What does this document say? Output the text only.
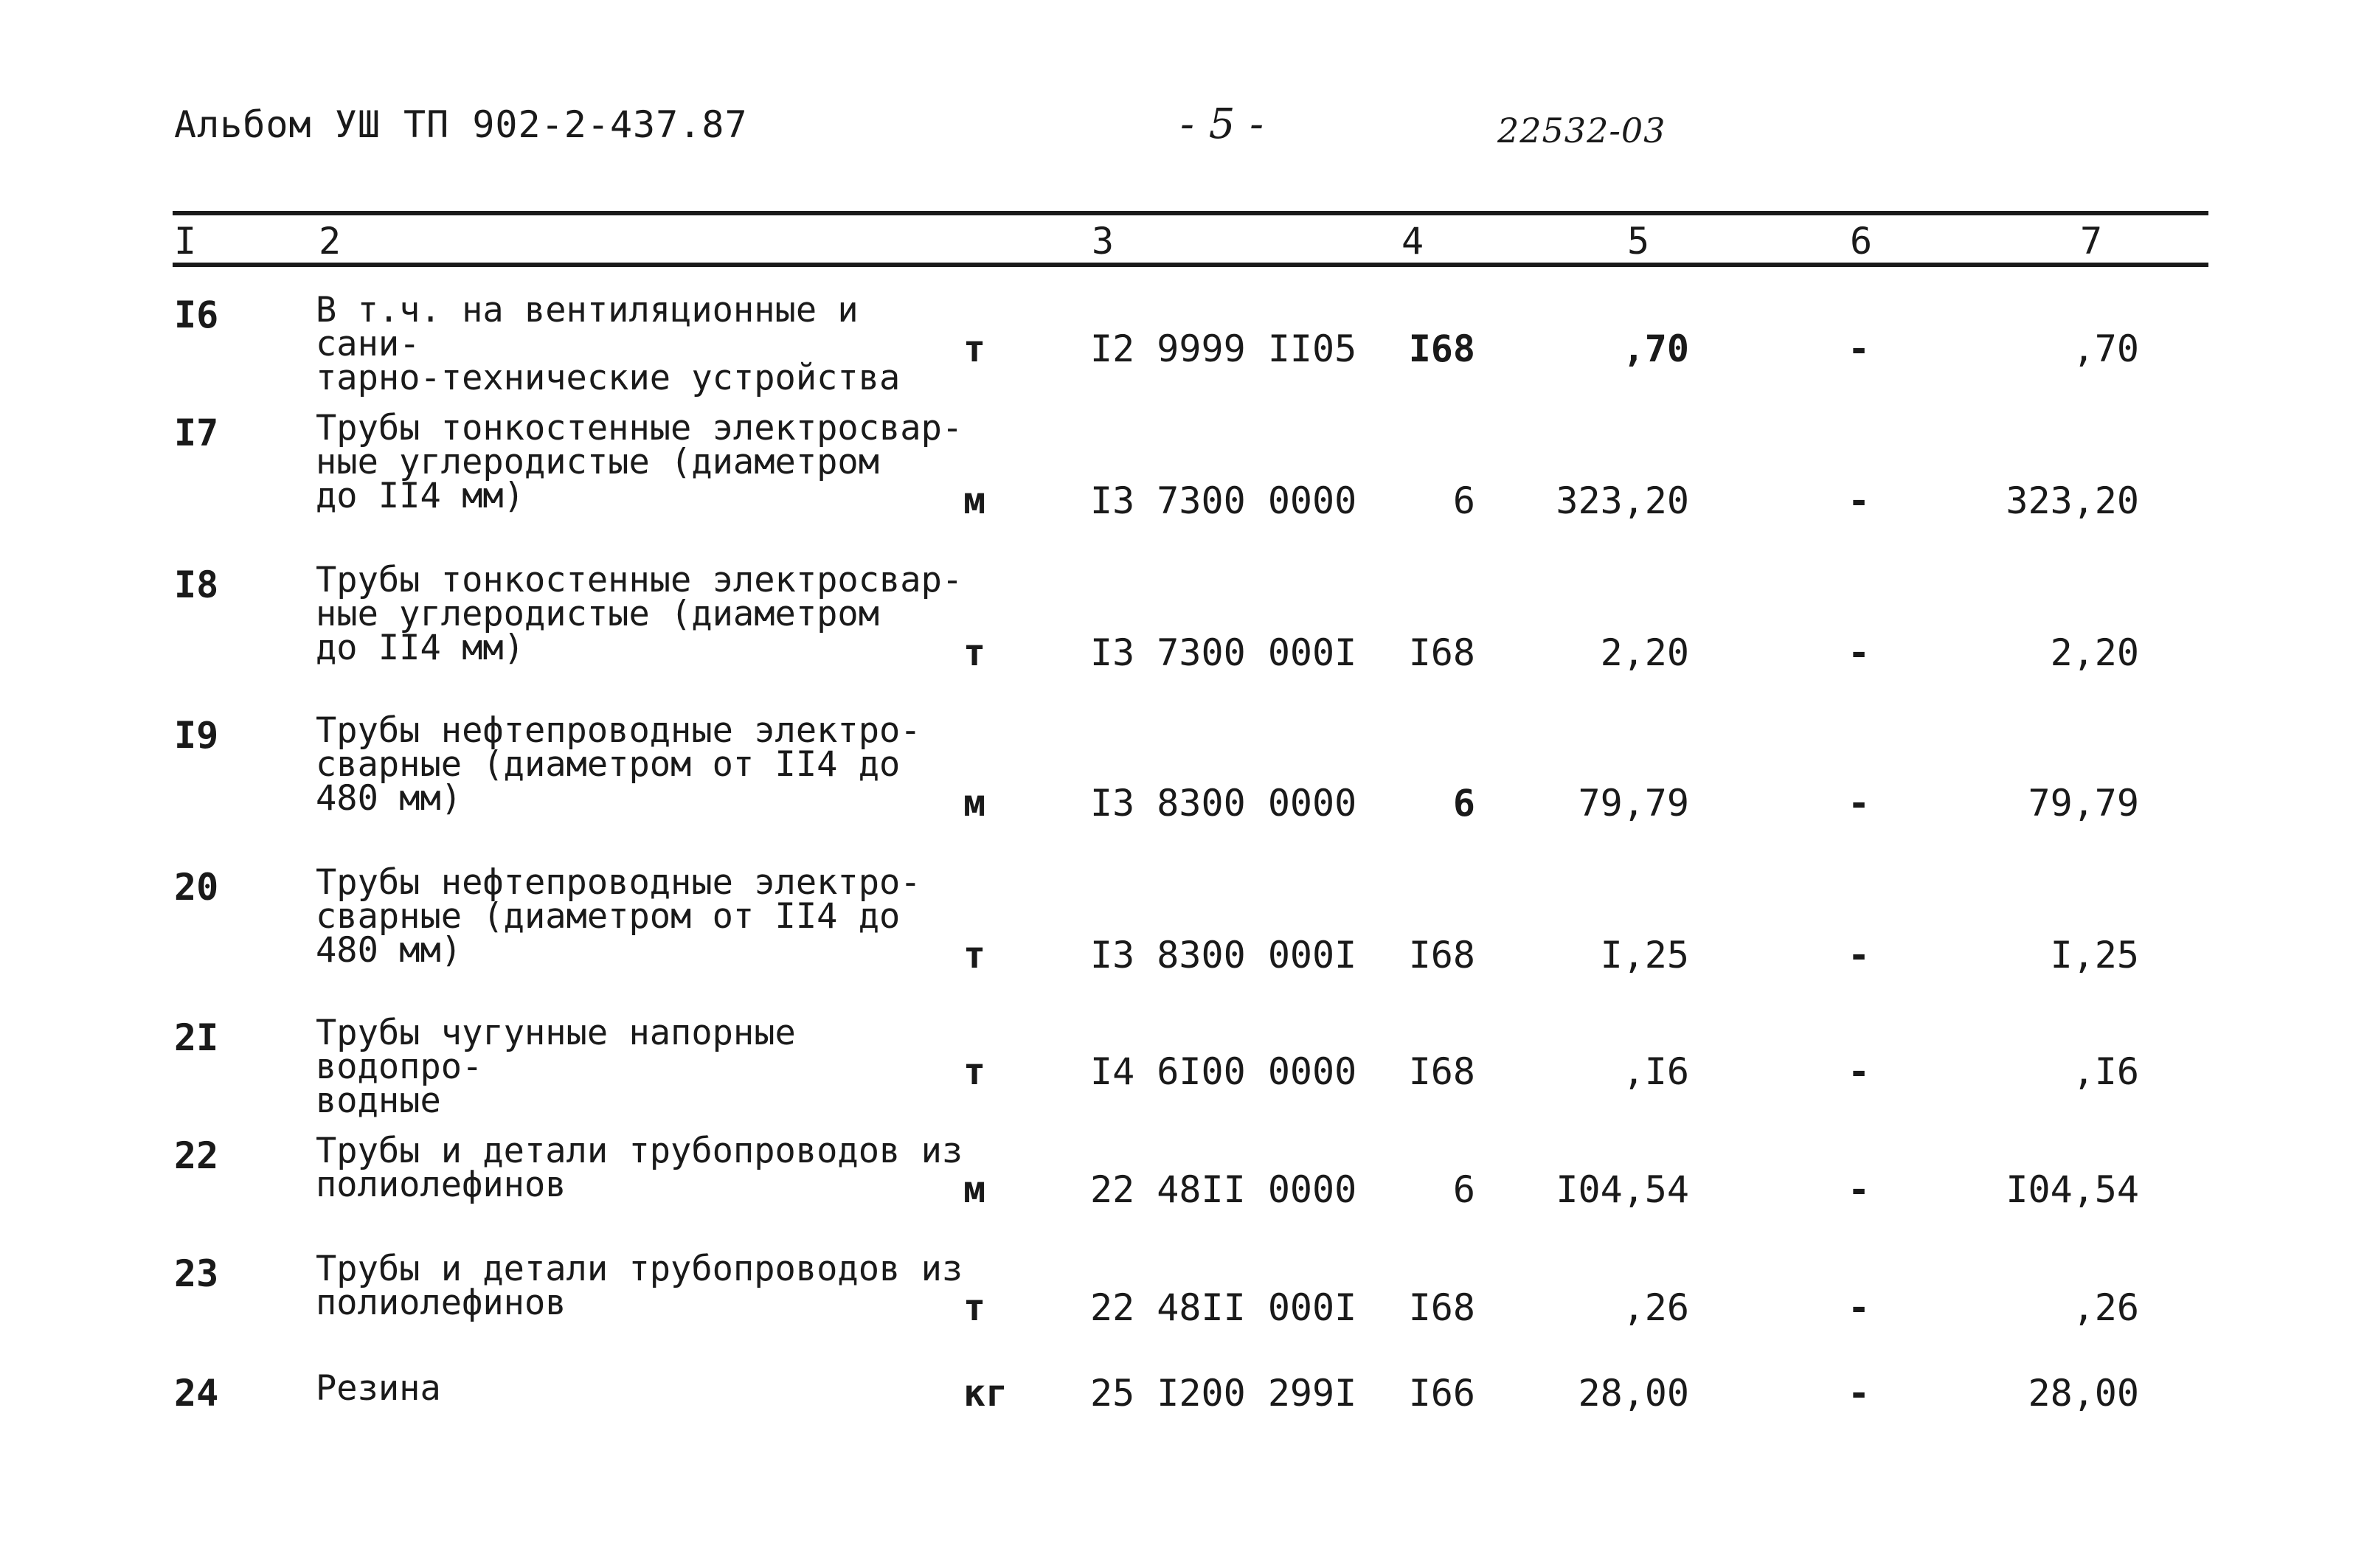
Альбом УШ ТП 902-2-437.87	- 5 -	22532-03
I	2	3	4	5	6	7
I6	В т.ч. на вентиляционные и сани-
тарно-технические устройства
т	I2 9999 II05	I68	,70	-	,70
I7	Трубы тонкостенные электросвар-
ные углеродистые (диаметром
до II4 мм)	м	I3 7300 0000	6	323,20	-	323,20
I8	Трубы тонкостенные электросвар-
ные углеродистые (диаметром
до II4 мм)	т	I3 7300 000I	I68	2,20	-	2,20
I9	Трубы нефтепроводные электро-
сварные (диаметром от II4 до
480 мм)	м	I3 8300 0000	6	79,79	-	79,79
20	Трубы нефтепроводные электро-
сварные (диаметром от II4 до
480 мм)	т	I3 8300 000I	I68	I,25	-	I,25
2I	Трубы чугунные напорные водопро-
водные
т	I4 6I00 0000	I68	,I6	-	,I6
22	Трубы и детали трубопроводов из
полиолефинов	м	22 48II 0000	6	I04,54	-	I04,54
23	Трубы и детали трубопроводов из
полиолефинов	т	22 48II 000I	I68	,26	-	,26
24	Резина	кг 25 I200 299I	I66	28,00	-	28,00
